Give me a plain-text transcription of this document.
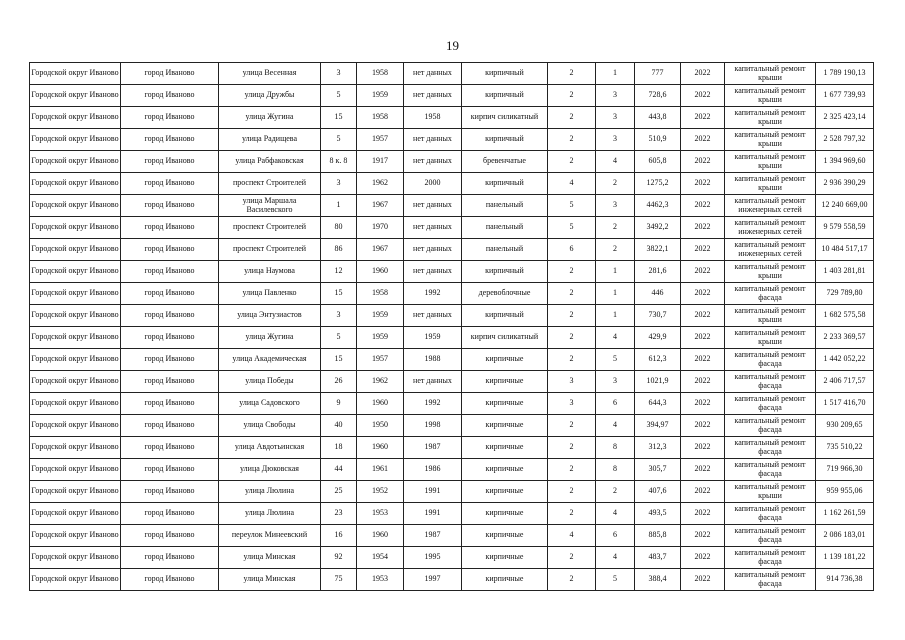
19
Городской округ Иваново	город Иваново	улица Весенная	3	1958	нет данных	кирпичный	2	1	777	2022	капитальный ремонт крыши	1 789 190,13
Городской округ Иваново	город Иваново	улица Дружбы	5	1959	нет данных	кирпичный	2	3	728,6	2022	капитальный ремонт крыши	1 677 739,93
Городской округ Иваново	город Иваново	улица Жугина	15	1958	1958	кирпич силикатный	2	3	443,8	2022	капитальный ремонт крыши	2 325 423,14
Городской округ Иваново	город Иваново	улица Радищева	5	1957	нет данных	кирпичный	2	3	510,9	2022	капитальный ремонт крыши	2 528 797,32
Городской округ Иваново	город Иваново	улица Рабфаковская	8 к. 8	1917	нет данных	бревенчатые	2	4	605,8	2022	капитальный ремонт крыши	1 394 969,60
Городской округ Иваново	город Иваново	проспект Строителей	3	1962	2000	кирпичный	4	2	1275,2	2022	капитальный ремонт крыши	2 936 390,29
Городской округ Иваново	город Иваново	улица Маршала Василевского	1	1967	нет данных	панельный	5	3	4462,3	2022	капитальный ремонт инженерных сетей	12 240 669,00
Городской округ Иваново	город Иваново	проспект Строителей	80	1970	нет данных	панельный	5	2	3492,2	2022	капитальный ремонт инженерных сетей	9 579 558,59
Городской округ Иваново	город Иваново	проспект Строителей	86	1967	нет данных	панельный	6	2	3822,1	2022	капитальный ремонт инженерных сетей	10 484 517,17
Городской округ Иваново	город Иваново	улица Наумова	12	1960	нет данных	кирпичный	2	1	281,6	2022	капитальный ремонт крыши	1 403 281,81
Городской округ Иваново	город Иваново	улица Павленко	15	1958	1992	деревоблочные	2	1	446	2022	капитальный ремонт фасада	729 789,80
Городской округ Иваново	город Иваново	улица Энтузиастов	3	1959	нет данных	кирпичный	2	1	730,7	2022	капитальный ремонт крыши	1 682 575,58
Городской округ Иваново	город Иваново	улица Жугина	5	1959	1959	кирпич силикатный	2	4	429,9	2022	капитальный ремонт крыши	2 233 369,57
Городской округ Иваново	город Иваново	улица Академическая	15	1957	1988	кирпичные	2	5	612,3	2022	капитальный ремонт фасада	1 442 052,22
Городской округ Иваново	город Иваново	улица Победы	26	1962	нет данных	кирпичные	3	3	1021,9	2022	капитальный ремонт фасада	2 406 717,57
Городской округ Иваново	город Иваново	улица Садовского	9	1960	1992	кирпичные	3	6	644,3	2022	капитальный ремонт фасада	1 517 416,70
Городской округ Иваново	город Иваново	улица Свободы	40	1950	1998	кирпичные	2	4	394,97	2022	капитальный ремонт фасада	930 209,65
Городской округ Иваново	город Иваново	улица Авдотьинская	18	1960	1987	кирпичные	2	8	312,3	2022	капитальный ремонт фасада	735 510,22
Городской округ Иваново	город Иваново	улица Дюковская	44	1961	1986	кирпичные	2	8	305,7	2022	капитальный ремонт фасада	719 966,30
Городской округ Иваново	город Иваново	улица Люлина	25	1952	1991	кирпичные	2	2	407,6	2022	капитальный ремонт крыши	959 955,06
Городской округ Иваново	город Иваново	улица Люлина	23	1953	1991	кирпичные	2	4	493,5	2022	капитальный ремонт фасада	1 162 261,59
Городской округ Иваново	город Иваново	переулок Минеевский	16	1960	1987	кирпичные	4	6	885,8	2022	капитальный ремонт фасада	2 086 183,01
Городской округ Иваново	город Иваново	улица Минская	92	1954	1995	кирпичные	2	4	483,7	2022	капитальный ремонт фасада	1 139 181,22
Городской округ Иваново	город Иваново	улица Минская	75	1953	1997	кирпичные	2	5	388,4	2022	капитальный ремонт фасада	914 736,38
